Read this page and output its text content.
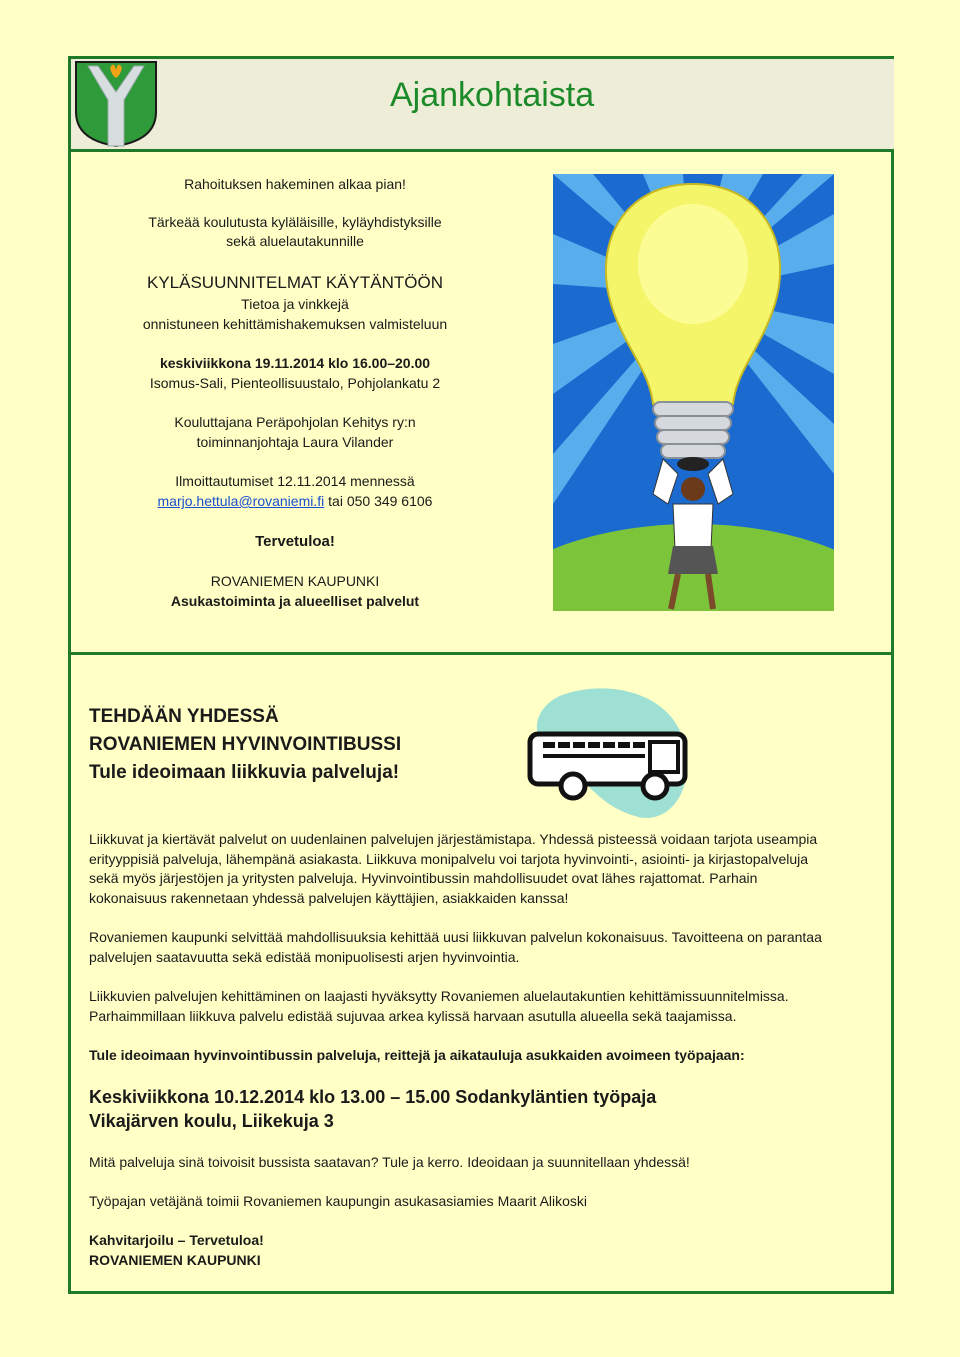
Ajankohtaista
Rahoituksen hakeminen alkaa pian!
Tärkeää koulutusta kyläläisille, kyläyhdistyksille
sekä aluelautakunnille
KYLÄSUUNNITELMAT KÄYTÄNTÖÖN
Tietoa ja vinkkejä
onnistuneen kehittämishakemuksen valmisteluun
keskiviikkona 19.11.2014 klo 16.00–20.00
Isomus-Sali, Pienteollisuustalo, Pohjolankatu 2
Kouluttajana Peräpohjolan Kehitys ry:n
toiminnanjohtaja Laura Vilander
Ilmoittautumiset 12.11.2014 mennessä
marjo.hettula@rovaniemi.fi tai 050 349 6106
Tervetuloa!
ROVANIEMEN KAUPUNKI
Asukastoiminta ja alueelliset palvelut
TEHDÄÄN YHDESSÄ
ROVANIEMEN HYVINVOINTIBUSSI
Tule ideoimaan liikkuvia palveluja!
Liikkuvat ja kiertävät palvelut on uudenlainen palvelujen järjestämistapa. Yhdessä pisteessä voidaan tarjota useampia
erityyppisiä palveluja, lähempänä asiakasta. Liikkuva monipalvelu voi tarjota hyvinvointi-, asiointi- ja kirjastopalveluja
sekä myös järjestöjen ja yritysten palveluja. Hyvinvointibussin mahdollisuudet ovat lähes rajattomat. Parhain
kokonaisuus rakennetaan yhdessä palvelujen käyttäjien, asiakkaiden kanssa!
Rovaniemen kaupunki selvittää mahdollisuuksia kehittää uusi liikkuvan palvelun kokonaisuus. Tavoitteena on parantaa
palvelujen saatavuutta sekä edistää monipuolisesti arjen hyvinvointia.
Liikkuvien palvelujen kehittäminen on laajasti hyväksytty Rovaniemen aluelautakuntien kehittämissuunnitelmissa.
Parhaimmillaan liikkuva palvelu edistää sujuvaa arkea kylissä harvaan asutulla alueella sekä taajamissa.
Tule ideoimaan hyvinvointibussin palveluja, reittejä ja aikatauluja asukkaiden avoimeen työpajaan:
Keskiviikkona 10.12.2014 klo 13.00 – 15.00 Sodankyläntien työpaja
Vikajärven koulu, Liikekuja 3
Mitä palveluja sinä toivoisit bussista saatavan? Tule ja kerro. Ideoidaan ja suunnitellaan yhdessä!
Työpajan vetäjänä toimii Rovaniemen kaupungin asukasasiamies Maarit Alikoski
Kahvitarjoilu – Tervetuloa!
ROVANIEMEN KAUPUNKI
